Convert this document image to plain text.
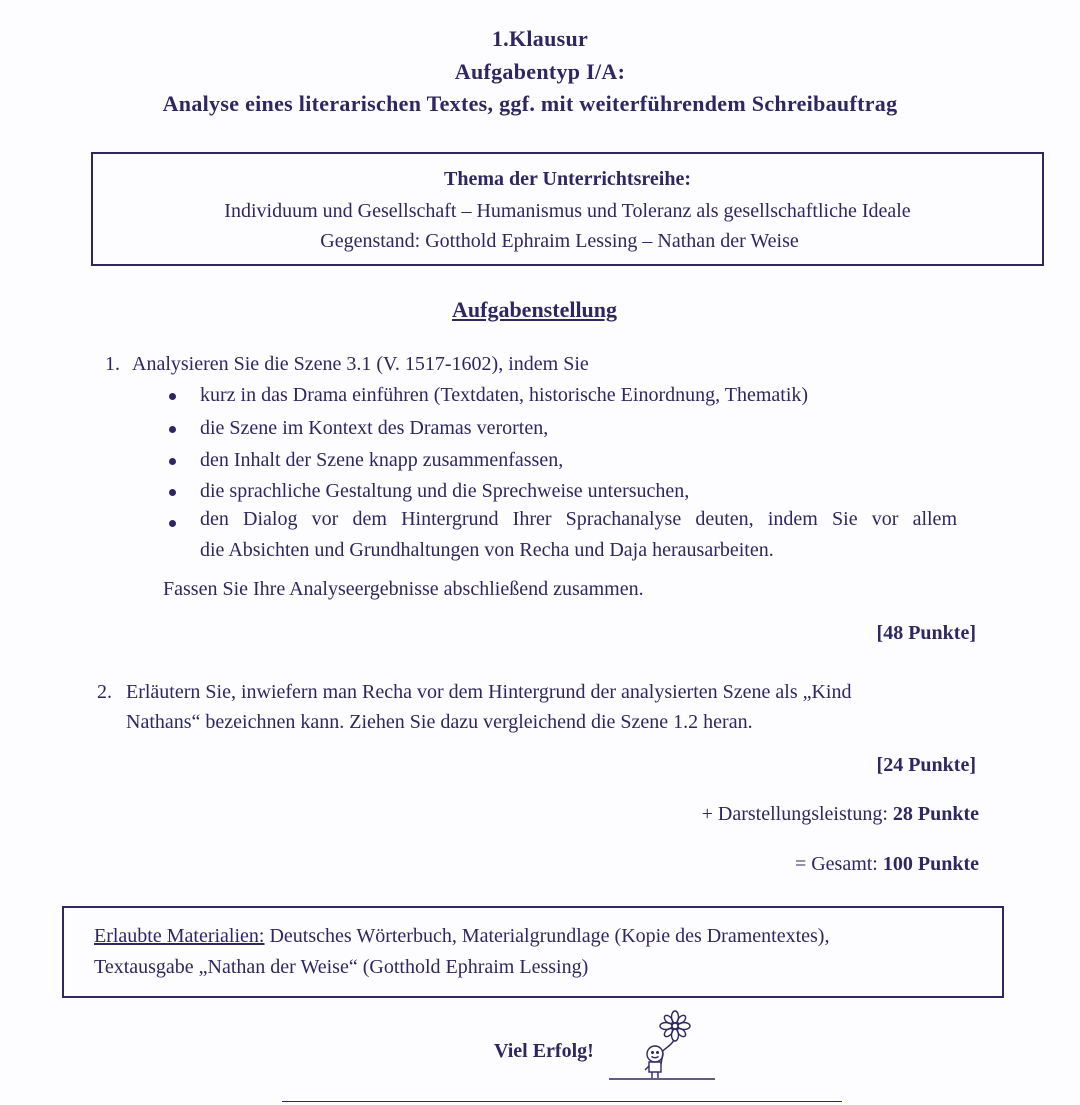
1.Klausur
Aufgabentyp I/A:
Analyse eines literarischen Textes, ggf. mit weiterführendem Schreibauftrag
Thema der Unterrichtsreihe:
Individuum und Gesellschaft – Humanismus und Toleranz als gesellschaftliche Ideale
Gegenstand: Gotthold Ephraim Lessing – Nathan der Weise
Aufgabenstellung
1. Analysieren Sie die Szene 3.1 (V. 1517-1602), indem Sie
kurz in das Drama einführen (Textdaten, historische Einordnung, Thematik)
die Szene im Kontext des Dramas verorten,
den Inhalt der Szene knapp zusammenfassen,
die sprachliche Gestaltung und die Sprechweise untersuchen,
den Dialog vor dem Hintergrund Ihrer Sprachanalyse deuten, indem Sie vor allem
die Absichten und Grundhaltungen von Recha und Daja herausarbeiten.
Fassen Sie Ihre Analyseergebnisse abschließend zusammen.
[48 Punkte]
2. Erläutern Sie, inwiefern man Recha vor dem Hintergrund der analysierten Szene als „Kind
Nathans“ bezeichnen kann. Ziehen Sie dazu vergleichend die Szene 1.2 heran.
[24 Punkte]
+ Darstellungsleistung: 28 Punkte
= Gesamt: 100 Punkte
Erlaubte Materialien: Deutsches Wörterbuch, Materialgrundlage (Kopie des Dramentextes),
Textausgabe „Nathan der Weise“ (Gotthold Ephraim Lessing)
Viel Erfolg!
